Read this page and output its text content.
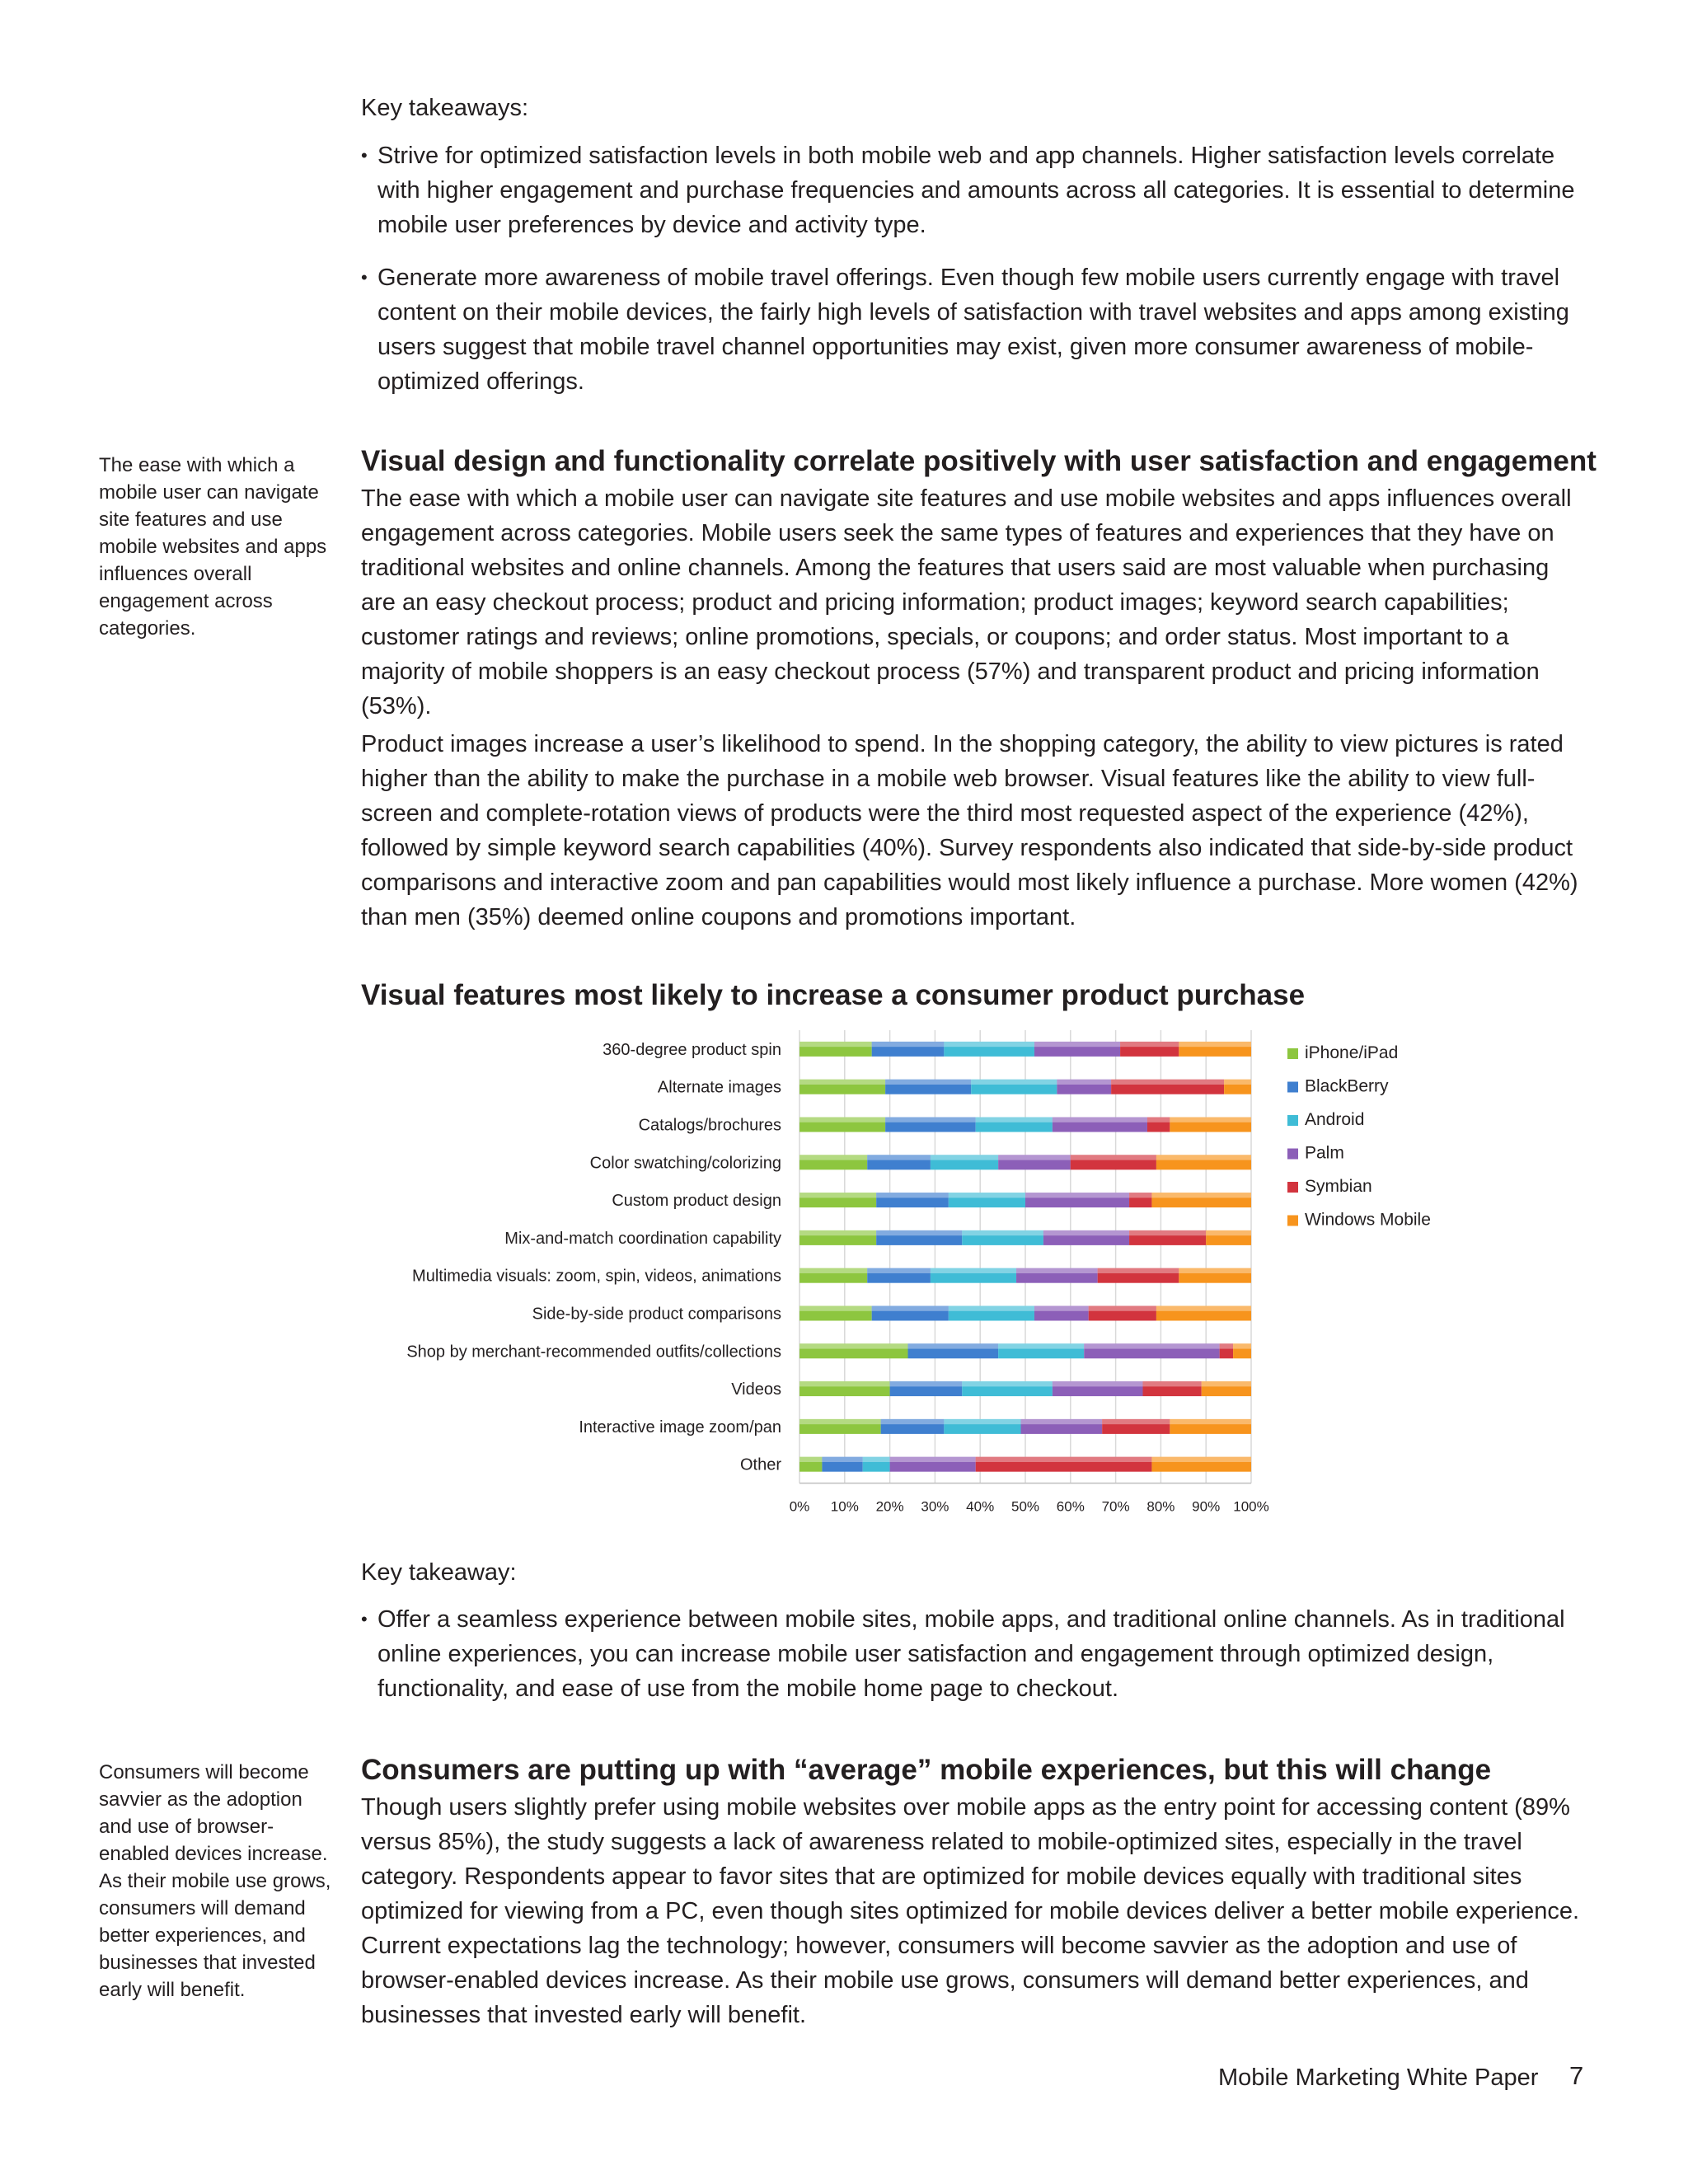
Key takeaways:
• Strive for optimized satisfaction levels in both mobile web and app channels. Higher satisfaction levels correlate with higher engagement and purchase frequencies and amounts across all categories. It is essential to determine mobile user preferences by device and activity type.
• Generate more awareness of mobile travel offerings. Even though few mobile users currently engage with travel content on their mobile devices, the fairly high levels of satisfaction with travel websites and apps among existing users suggest that mobile travel channel opportunities may exist, given more consumer awareness of mobile-optimized offerings.
The ease with which a mobile user can navigate site features and use mobile websites and apps influences overall engagement across categories.
Visual design and functionality correlate positively with user satisfaction and engagement
The ease with which a mobile user can navigate site features and use mobile websites and apps influences overall engagement across categories. Mobile users seek the same types of features and experiences that they have on traditional websites and online channels. Among the features that users said are most valuable when purchasing are an easy checkout process; product and pricing information; product images; keyword search capabilities; customer ratings and reviews; online promotions, specials, or coupons; and order status. Most important to a majority of mobile shoppers is an easy checkout process (57%) and transparent product and pricing information (53%).
Product images increase a user’s likelihood to spend. In the shopping category, the ability to view pictures is rated higher than the ability to make the purchase in a mobile web browser. Visual features like the ability to view full-screen and complete-rotation views of products were the third most requested aspect of the experience (42%), followed by simple keyword search capabilities (40%). Survey respondents also indicated that side-by-side product comparisons and interactive zoom and pan capabilities would most likely influence a purchase. More women (42%) than men (35%) deemed online coupons and promotions important.
Visual features most likely to increase a consumer product purchase
0% 10% 20% 30% 40% 50% 60% 70% 80% 90% 100%
360-degree product spin
Alternate images
Catalogs/brochures
Color swatching/colorizing
Custom product design
Mix-and-match coordination capability
Multimedia visuals: zoom, spin, videos, animations
Side-by-side product comparisons
Shop by merchant-recommended outfits/collections
Videos
Interactive image zoom/pan
Other
iPhone/iPad
BlackBerry
Android
Palm
Symbian
Windows Mobile
Key takeaway:
• Offer a seamless experience between mobile sites, mobile apps, and traditional online channels. As in traditional online experiences, you can increase mobile user satisfaction and engagement through optimized design, functionality, and ease of use from the mobile home page to checkout.
Consumers will become savvier as the adoption and use of browser-enabled devices increase. As their mobile use grows, consumers will demand better experiences, and businesses that invested early will benefit.
Consumers are putting up with “average” mobile experiences, but this will change
Though users slightly prefer using mobile websites over mobile apps as the entry point for accessing content (89% versus 85%), the study suggests a lack of awareness related to mobile-optimized sites, especially in the travel category. Respondents appear to favor sites that are optimized for mobile devices equally with traditional sites optimized for viewing from a PC, even though sites optimized for mobile devices deliver a better mobile experience. Current expectations lag the technology; however, consumers will become savvier as the adoption and use of browser-enabled devices increase. As their mobile use grows, consumers will demand better experiences, and businesses that invested early will benefit.
Mobile Marketing White Paper 7
